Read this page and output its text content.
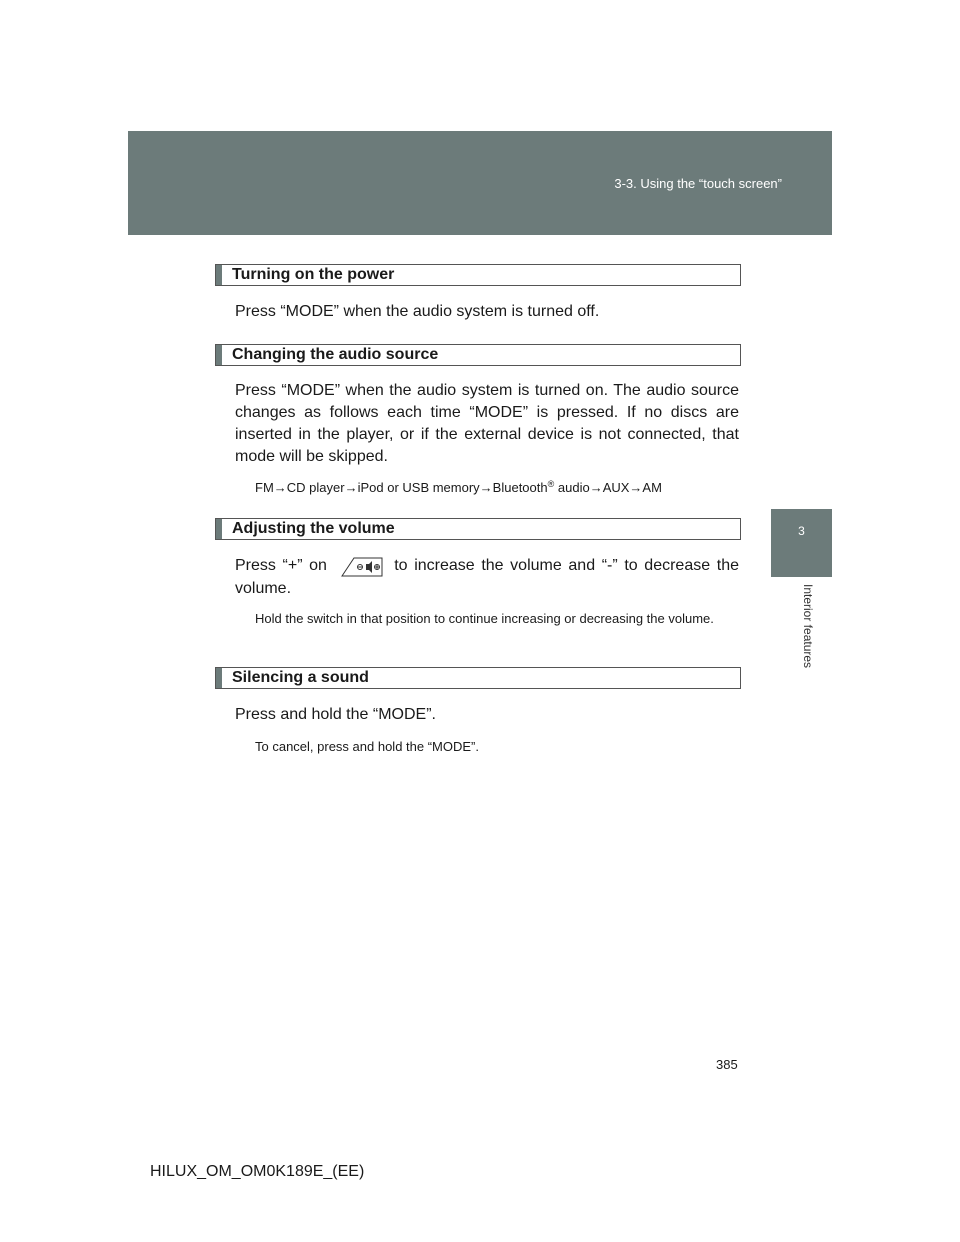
3-3. Using the “touch screen”
3
Interior features
Turning on the power
Press “MODE” when the audio system is turned off.
Changing the audio source
Press “MODE” when the audio system is turned on. The audio source changes as follows each time “MODE” is pressed. If no discs are inserted in the player, or if the external device is not connected, that mode will be skipped.
FM→CD player→iPod or USB memory→Bluetooth® audio→AUX→AM
Adjusting the volume
Press “+” on	to increase the volume and “-” to decrease the volume.
Hold the switch in that position to continue increasing or decreasing the volume.
Silencing a sound
Press and hold the “MODE”.
To cancel, press and hold the “MODE”.
385
HILUX_OM_OM0K189E_(EE)
